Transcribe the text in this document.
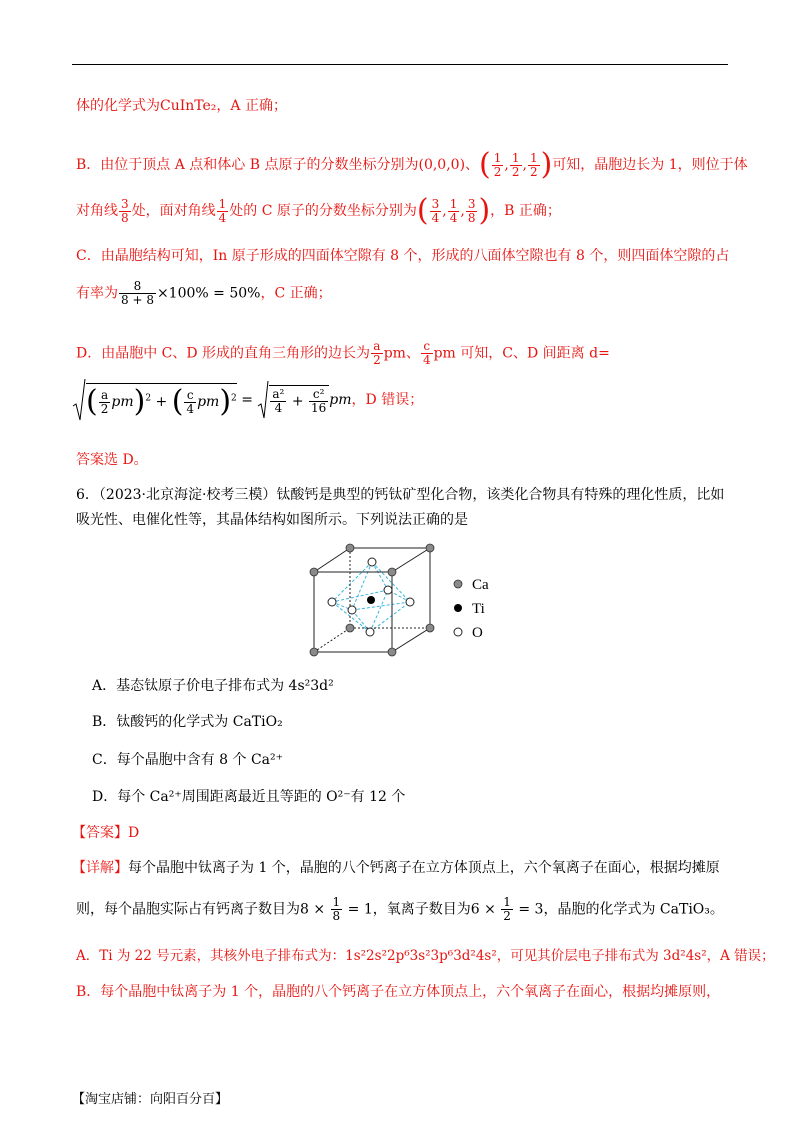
体的化学式为CuInTe₂，A 正确；
B．由位于顶点 A 点和体心 B 点原子的分数坐标分别为(0,0,0)、( $\frac{1}{2}$ , $\frac{1}{2}$ , $\frac{1}{2}$ )可知，晶胞边长为 1，则位于体
对角线 $\frac{3}{8}$ 处，面对角线 $\frac{1}{4}$ 处的 C 原子的分数坐标分别为( $\frac{3}{4}$ , $\frac{1}{4}$ , $\frac{3}{8}$ )，B 正确；
C．由晶胞结构可知，In 原子形成的四面体空隙有 8 个，形成的八面体空隙也有 8 个，则四面体空隙的占
有率为 $\frac{8}{8 + 8} \times 100\% = 50\%$，C 正确；
D．由晶胞中 C、D 形成的直角三角形的边长为 $\frac{a}{2}$ pm、 $\frac{c}{4}$ pm 可知，C、D 间距离 d=
( $\frac{a}{2} pm)^2$ + ( $\frac{c}{4} pm)^2 = \frac{\text{a²}}{4} + \frac{\text{c²}}{16}$ pm，D 错误；
答案选 D。
6．（2023·北京海淀·校考三模）钛酸钙是典型的钙钛矿型化合物，该类化合物具有特殊的理化性质，比如
吸光性、电催化性等，其晶体结构如图所示。下列说法正确的是
Ca
Ti
O
A．基态钛原子价电子排布式为 4s²3d²
B．钛酸钙的化学式为 CaTiO₂
C．每个晶胞中含有 8 个 Ca²⁺
D．每个 Ca²⁺周围距离最近且等距的 O²⁻有 12 个
【答案】D
【详解】每个晶胞中钛离子为 1 个，晶胞的八个钙离子在立方体顶点上，六个氧离子在面心，根据均摊原
则，每个晶胞实际占有钙离子数目为$8 \times \frac{1}{8} = 1$，氧离子数目为$6 \times \frac{1}{2} = 3$，晶胞的化学式为 CaTiO₃。
A．Ti 为 22 号元素，其核外电子排布式为：1s²2s²2p⁶3s²3p⁶3d²4s²，可见其价层电子排布式为 3d²4s²，A 错误；
B．每个晶胞中钛离子为 1 个，晶胞的八个钙离子在立方体顶点上，六个氧离子在面心，根据均摊原则，
【淘宝店铺：向阳百分百】
